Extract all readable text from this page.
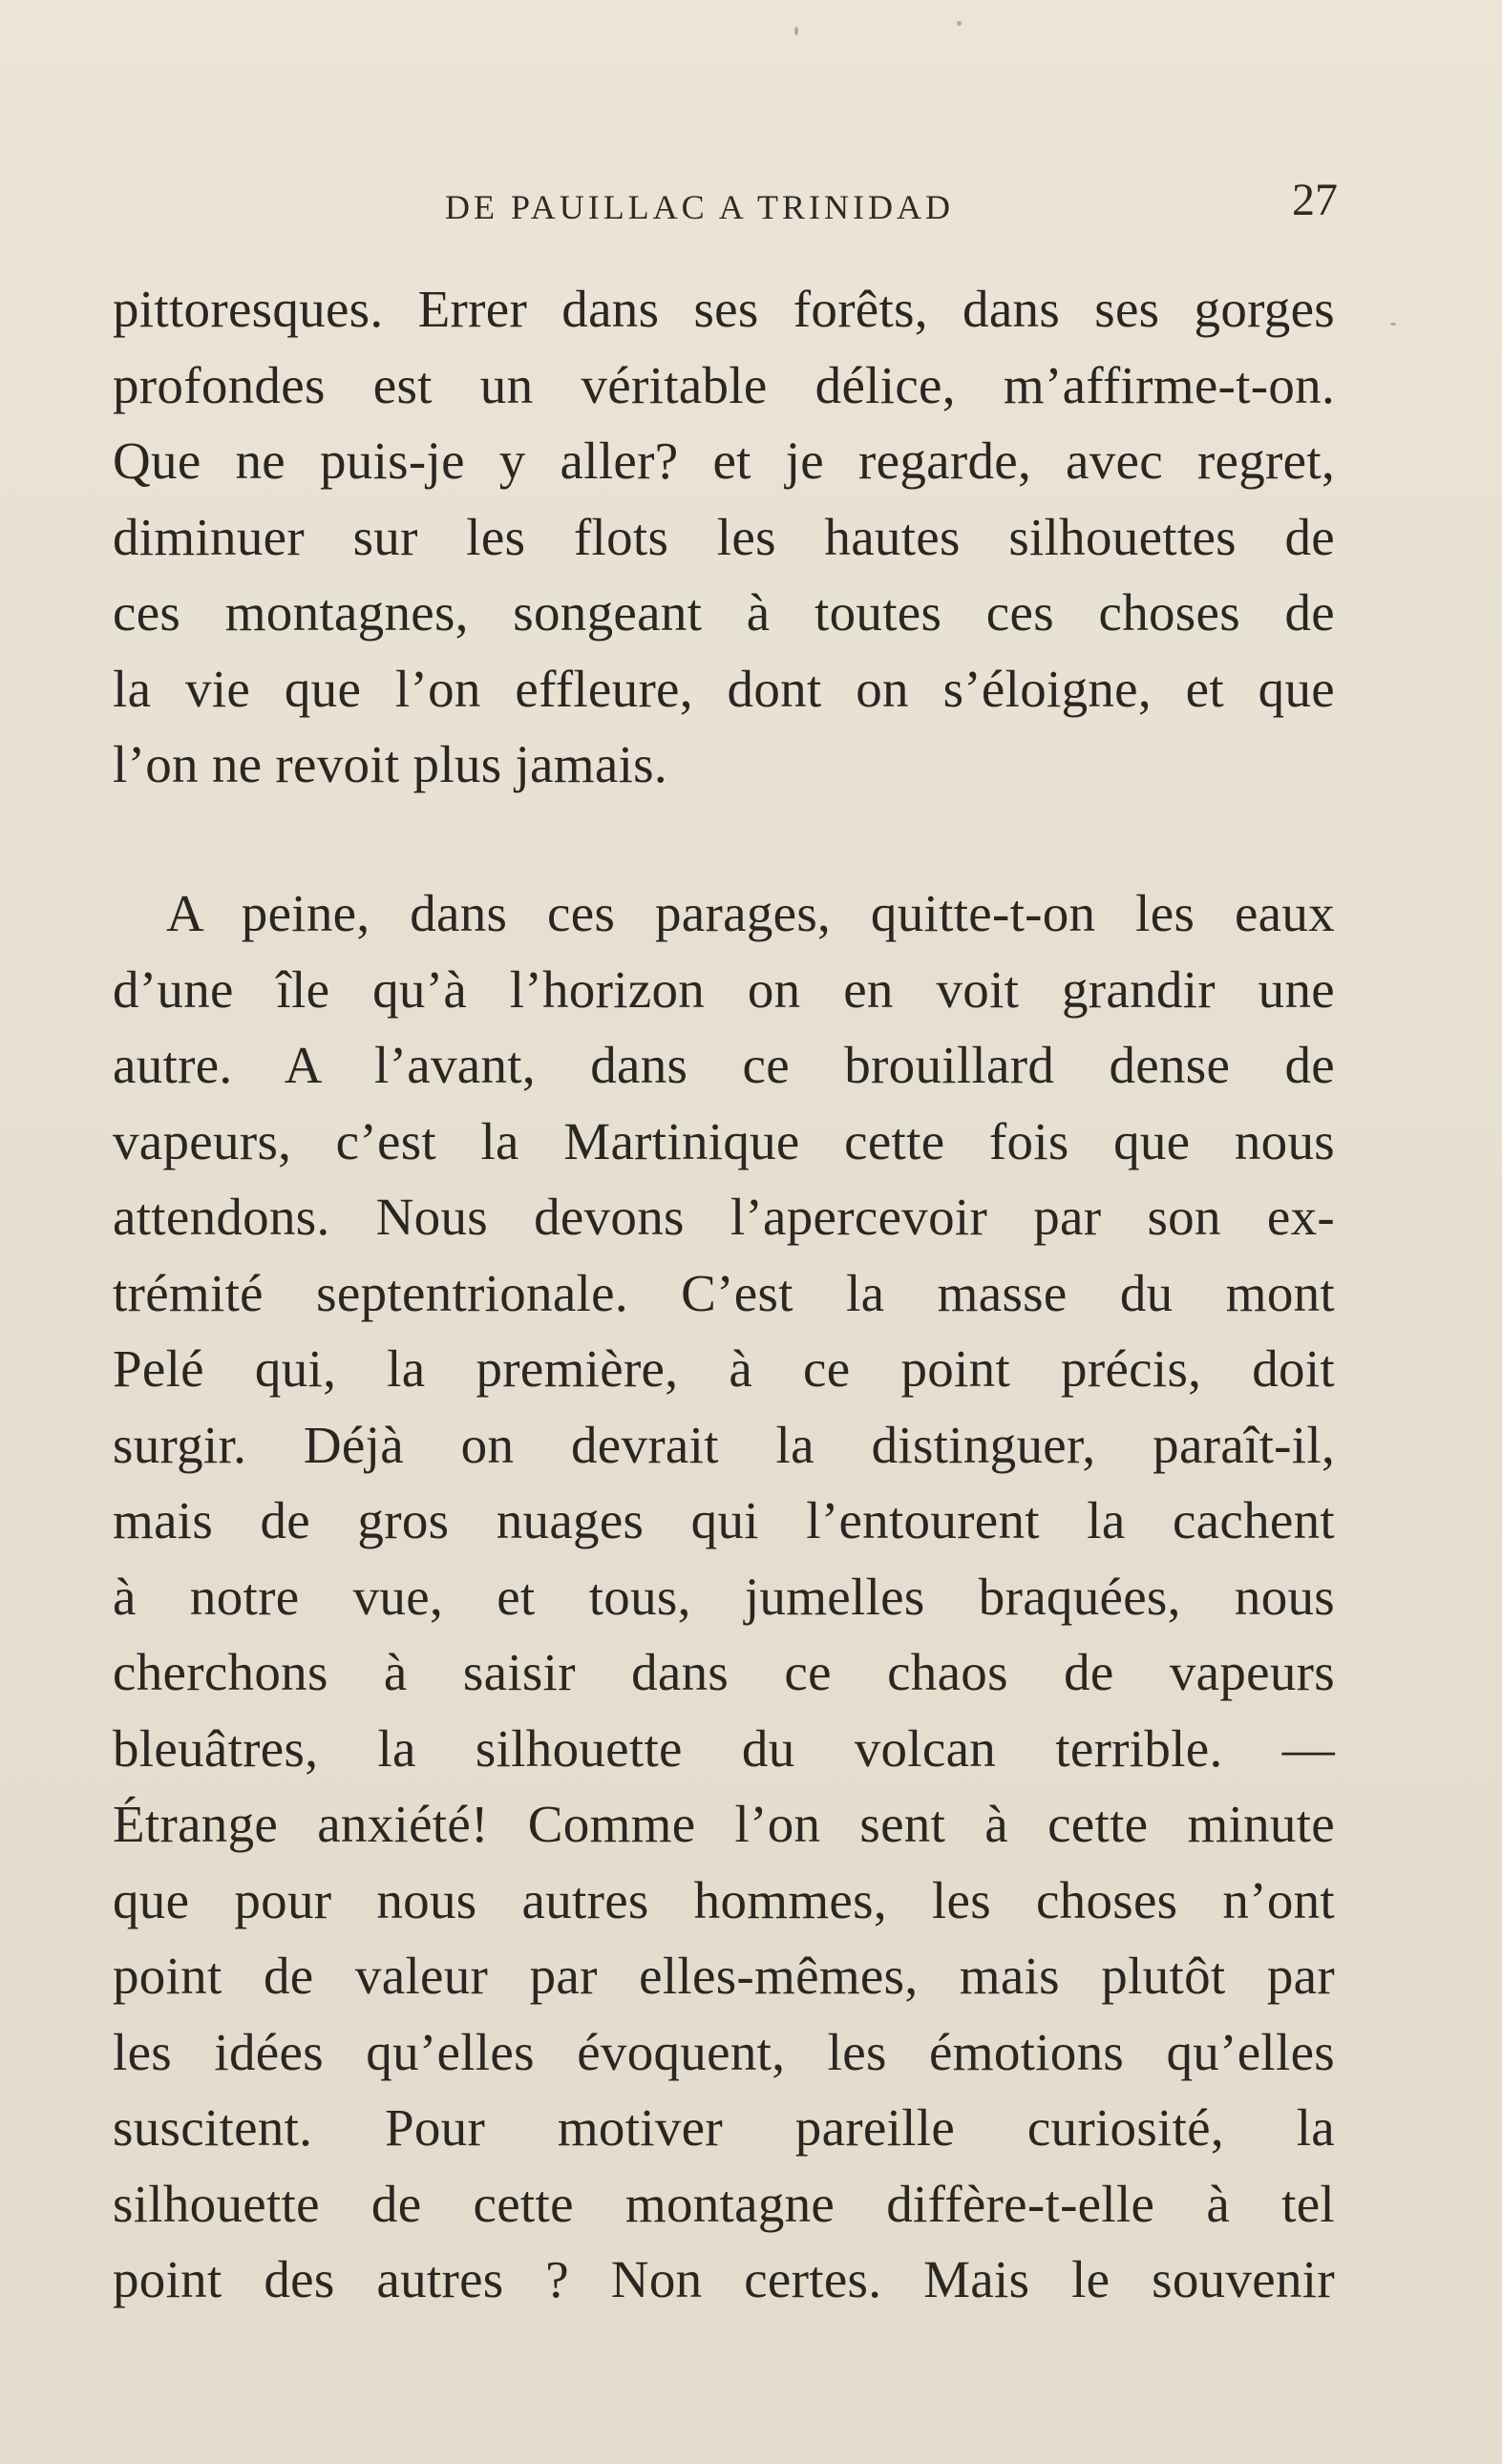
DE PAUILLAC A TRINIDAD	27
pittoresques. Errer dans ses forêts, dans ses gorges
profondes est un véritable délice, m’affirme-t-on.
Que ne puis-je y aller? et je regarde, avec regret,
diminuer sur les flots les hautes silhouettes de
ces montagnes, songeant à toutes ces choses de
la vie que l’on effleure, dont on s’éloigne, et que
l’on ne revoit plus jamais.
A peine, dans ces parages, quitte-t-on les eaux
d’une île qu’à l’horizon on en voit grandir une
autre. A l’avant, dans ce brouillard dense de
vapeurs, c’est la Martinique cette fois que nous
attendons. Nous devons l’apercevoir par son ex-
trémité septentrionale. C’est la masse du mont
Pelé qui, la première, à ce point précis, doit
surgir. Déjà on devrait la distinguer, paraît-il,
mais de gros nuages qui l’entourent la cachent
à notre vue, et tous, jumelles braquées, nous
cherchons à saisir dans ce chaos de vapeurs
bleuâtres, la silhouette du volcan terrible. —
Étrange anxiété! Comme l’on sent à cette minute
que pour nous autres hommes, les choses n’ont
point de valeur par elles-mêmes, mais plutôt par
les idées qu’elles évoquent, les émotions qu’elles
suscitent. Pour motiver pareille curiosité, la
silhouette de cette montagne diffère-t-elle à tel
point des autres ? Non certes. Mais le souvenir
